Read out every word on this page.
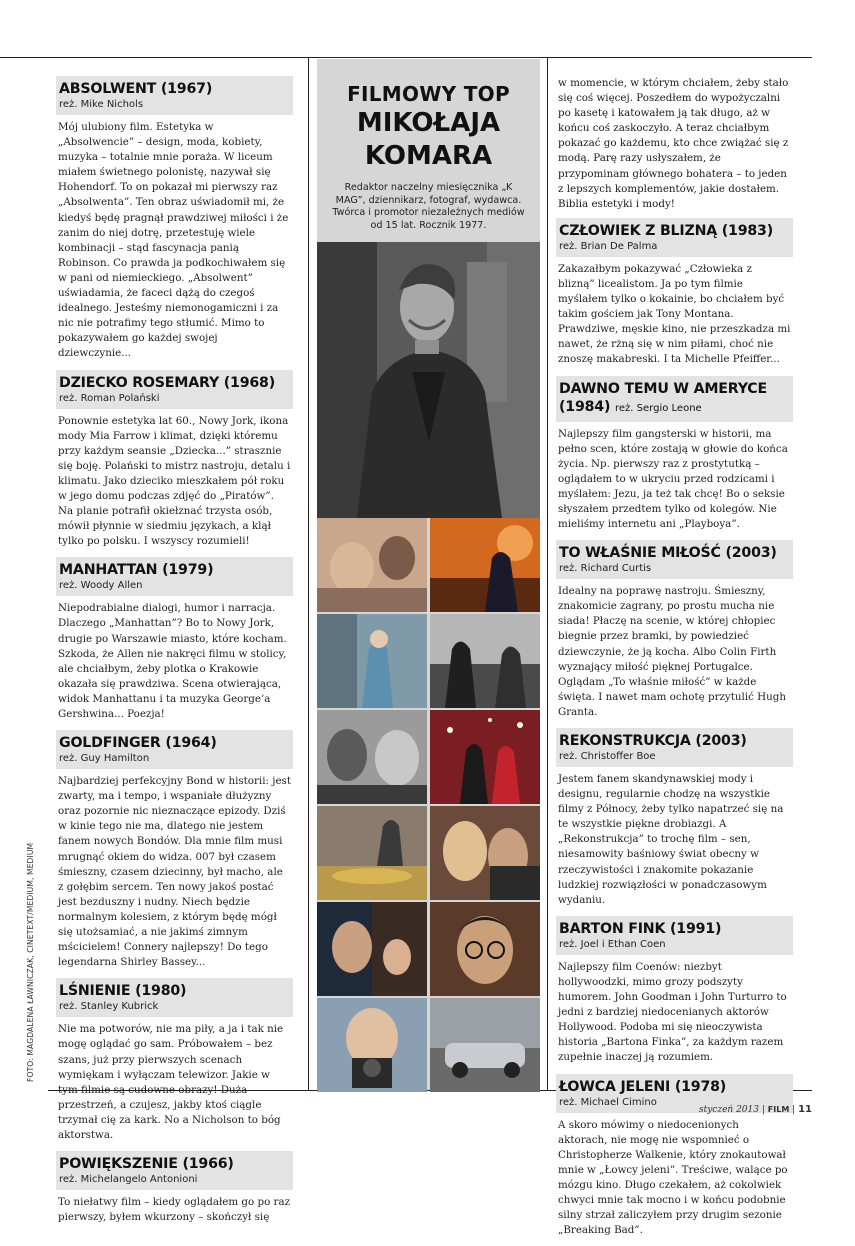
FOTO: MAGDALENA ŁAWNICZAK, CINETEXT/MEDIUM, MEDIUM
ABSOLWENT (1967)
reż. Mike Nichols
Mój ulubiony film. Estetyka w „Absolwencie” – design, moda, kobiety, muzyka – totalnie mnie poraża. W liceum miałem świetnego polonistę, nazywał się Hohendorf. To on pokazał mi pierwszy raz „Absolwenta”. Ten obraz uświadomił mi, że kiedyś będę pragnął prawdziwej miłości i że zanim do niej dotrę, przetestuję wiele kombinacji – stąd fascynacja panią Robinson. Co prawda ja podkochiwałem się w pani od niemieckiego. „Absolwent” uświadamia, że faceci dążą do czegoś idealnego. Jesteśmy niemonogamiczni i za nic nie potrafimy tego stłumić. Mimo to pokazywałem go każdej swojej dziewczynie...
DZIECKO ROSEMARY (1968)
reż. Roman Polański
Ponownie estetyka lat 60., Nowy Jork, ikona mody Mia Farrow i klimat, dzięki któremu przy każdym seansie „Dziecka...” strasznie się boję. Polański to mistrz nastroju, detalu i klimatu. Jako dzieciko mieszkałem pół roku w jego domu podczas zdjęć do „Piratów”. Na planie potrafił okiełznać trzysta osób, mówił płynnie w siedmiu językach, a klął tylko po polsku. I wszyscy rozumieli!
MANHATTAN (1979)
reż. Woody Allen
Niepodrabialne dialogi, humor i narracja. Dlaczego „Manhattan”? Bo to Nowy Jork, drugie po Warszawie miasto, które kocham. Szkoda, że Allen nie nakręci filmu w stolicy, ale chciałbym, żeby plotka o Krakowie okazała się prawdziwa. Scena otwierająca, widok Manhattanu i ta muzyka George’a Gershwina... Poezja!
GOLDFINGER (1964)
reż. Guy Hamilton
Najbardziej perfekcyjny Bond w historii: jest zwarty, ma i tempo, i wspaniałe dłużyzny oraz pozornie nic nieznaczące epizody. Dziś w kinie tego nie ma, dlatego nie jestem fanem nowych Bondów. Dla mnie film musi mrugnąć okiem do widza. 007 był czasem śmieszny, czasem dziecinny, był macho, ale z gołębim sercem. Ten nowy jakoś postać jest bezduszny i nudny. Niech będzie normalnym kolesiem, z którym będę mógł się utożsamiać, a nie jakimś zimnym mścicielem! Connery najlepszy! Do tego legendarna Shirley Bassey...
LŚNIENIE (1980)
reż. Stanley Kubrick
Nie ma potworów, nie ma piły, a ja i tak nie mogę oglądać go sam. Próbowałem – bez szans, już przy pierwszych scenach wymiękam i wyłączam telewizor. Jakie w tym filmie są cudowne obrazy! Duża przestrzeń, a czujesz, jakby ktoś ciągle trzymał cię za kark. No a Nicholson to bóg aktorstwa.
POWIĘKSZENIE (1966)
reż. Michelangelo Antonioni
To niełatwy film – kiedy oglądałem go po raz pierwszy, byłem wkurzony – skończył się
FILMOWY TOP
MIKOŁAJA
KOMARA
Redaktor naczelny miesięcznika „K MAG”, dziennikarz, fotograf, wydawca. Twórca i promotor niezależnych mediów od 15 lat. Rocznik 1977.
w momencie, w którym chciałem, żeby stało się coś więcej. Poszedłem do wypożyczalni po kasetę i katowałem ją tak długo, aż w końcu coś zaskoczyło. A teraz chciałbym pokazać go każdemu, kto chce zwiążać się z modą. Parę razy usłyszałem, że przypominam głównego bohatera – to jeden z lepszych komplementów, jakie dostałem. Biblia estetyki i mody!
CZŁOWIEK Z BLIZNĄ (1983)
reż. Brian De Palma
Zakazałbym pokazywać „Człowieka z blizną” licealistom. Ja po tym filmie myślałem tylko o kokainie, bo chciałem być takim gościem jak Tony Montana. Prawdziwe, męskie kino, nie przeszkadza mi nawet, że rżną się w nim piłami, choć nie znoszę makabreski. I ta Michelle Pfeiffer...
DAWNO TEMU W AMERYCE
(1984) reż. Sergio Leone
Najlepszy film gangsterski w historii, ma pełno scen, które zostają w głowie do końca życia. Np. pierwszy raz z prostytutką – oglądałem to w ukryciu przed rodzicami i myślałem: Jezu, ja też tak chcę! Bo o seksie słyszałem przedtem tylko od kolegów. Nie mieliśmy internetu ani „Playboya”.
TO WŁAŚNIE MIŁOŚĆ (2003)
reż. Richard Curtis
Idealny na poprawę nastroju. Śmieszny, znakomicie zagrany, po prostu mucha nie siada! Płaczę na scenie, w której chłopiec biegnie przez bramki, by powiedzieć dziewczynie, że ją kocha. Albo Colin Firth wyznający miłość pięknej Portugalce. Oglądam „To właśnie miłość” w każde święta. I nawet mam ochotę przytulić Hugh Granta.
REKONSTRUKCJA (2003)
reż. Christoffer Boe
Jestem fanem skandynawskiej mody i designu, regularnie chodzę na wszystkie filmy z Północy, żeby tylko napatrzeć się na te wszystkie piękne drobiazgi. A „Rekonstrukcja” to trochę film – sen, niesamowity baśniowy świat obecny w rzeczywistości i znakomite pokazanie ludzkiej rozwiązłości w ponadczasowym wydaniu.
BARTON FINK (1991)
reż. Joel i Ethan Coen
Najlepszy film Coenów: niezbyt hollywoodzki, mimo grozy podszyty humorem. John Goodman i John Turturro to jedni z bardziej niedocenianych aktorów Hollywood. Podoba mi się nieoczywista historia „Bartona Finka”, za każdym razem zupełnie inaczej ją rozumiem.
ŁOWCA JELENI (1978)
reż. Michael Cimino
A skoro mówimy o niedocenionych aktorach, nie mogę nie wspomnieć o Christopherze Walkenie, który znokautował mnie w „Łowcy jeleni”. Treściwe, walące po mózgu kino. Długo czekałem, aż cokolwiek chwyci mnie tak mocno i w końcu podobnie silny strzał zaliczyłem przy drugim sezonie „Breaking Bad”.
styczeń 2013 | FILM | 11
